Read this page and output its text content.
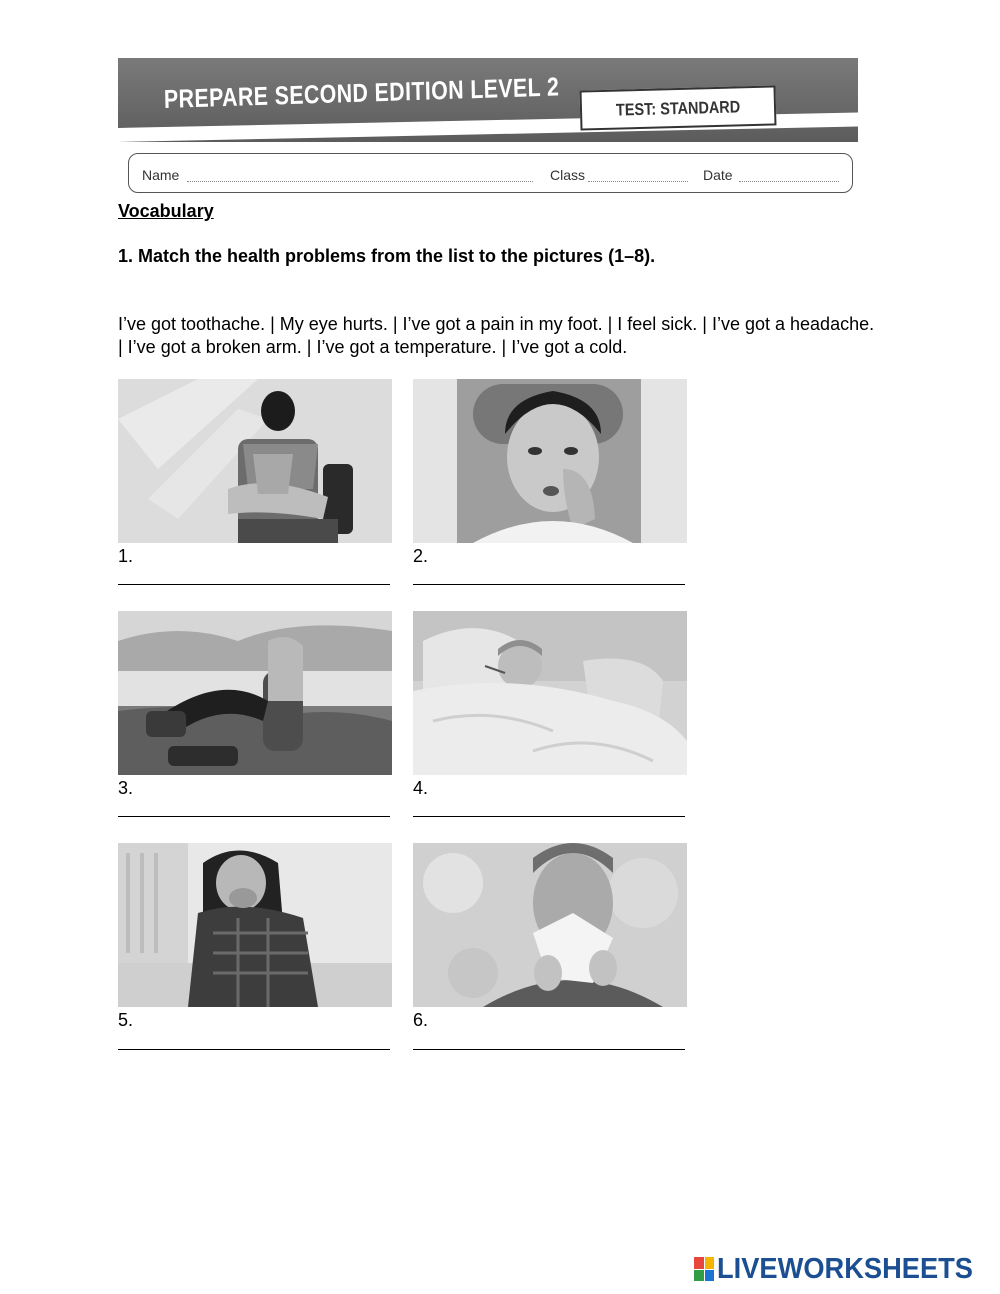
PREPARE SECOND EDITION LEVEL 2	TEST: STANDARD
Name	Class	Date
Vocabulary
1. Match the health problems from the list to the pictures (1–8).
I’ve got toothache. | My eye hurts. | I’ve got a pain in my foot. | I feel sick. | I’ve got a headache. | I’ve got a broken arm. | I’ve got a temperature. | I’ve got a cold.
1.	2.
3.	4.
5.	6.
LIVEWORKSHEETS
